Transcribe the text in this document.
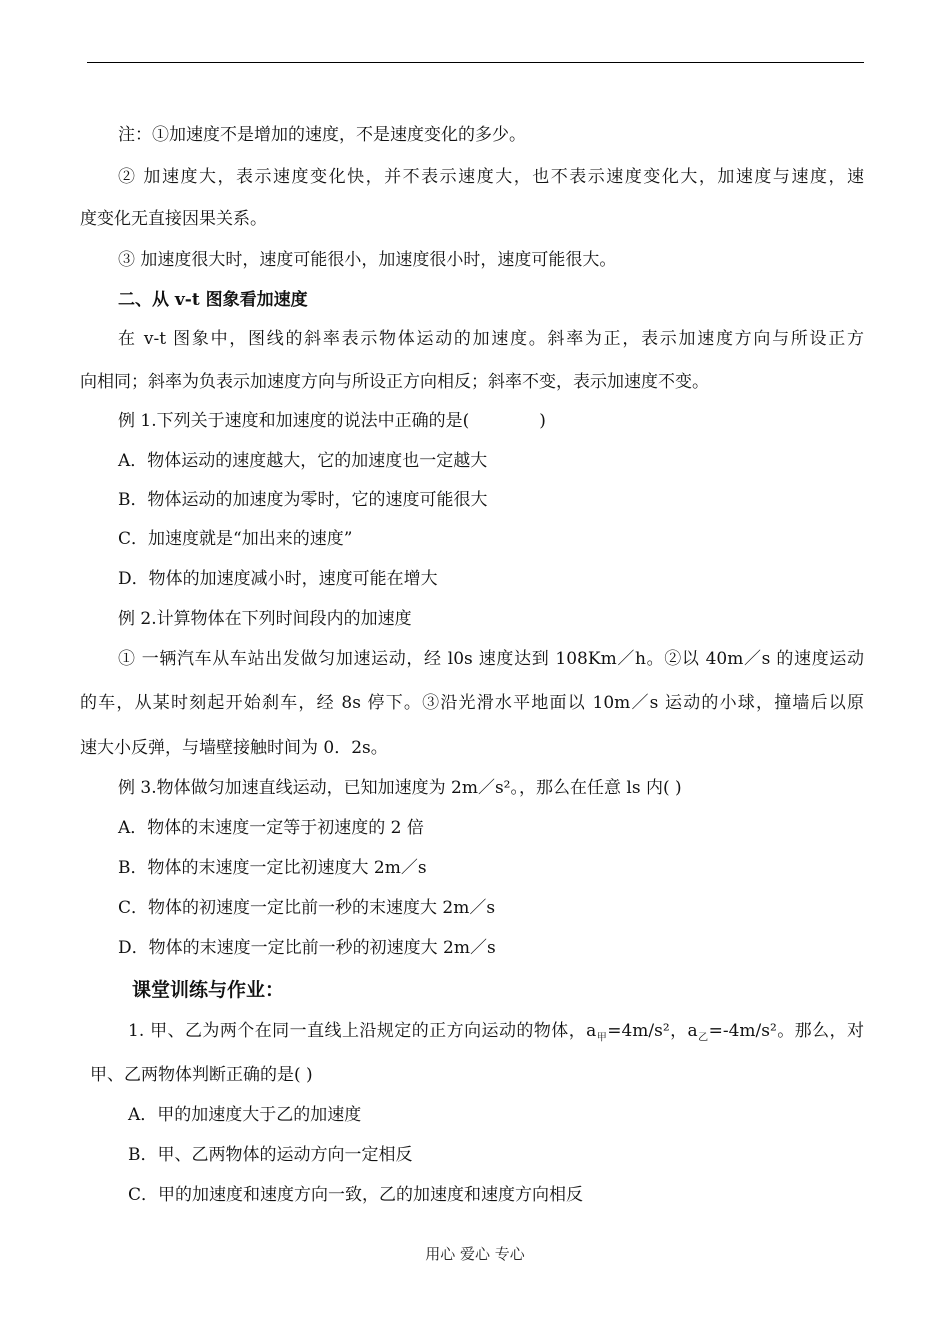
注：①加速度不是增加的速度，不是速度变化的多少。
② 加速度大，表示速度变化快，并不表示速度大，也不表示速度变化大，加速度与速度，速
度变化无直接因果关系。
③ 加速度很大时，速度可能很小，加速度很小时，速度可能很大。
二、从 v-t 图象看加速度
在 v-t 图象中，图线的斜率表示物体运动的加速度。斜率为正，表示加速度方向与所设正方
向相同；斜率为负表示加速度方向与所设正方向相反；斜率不变，表示加速度不变。
例 1.下列关于速度和加速度的说法中正确的是(	)
A．物体运动的速度越大，它的加速度也一定越大
B．物体运动的加速度为零时，它的速度可能很大
C．加速度就是“加出来的速度”
D．物体的加速度减小时，速度可能在增大
例 2.计算物体在下列时间段内的加速度
① 一辆汽车从车站出发做匀加速运动，经 l0s 速度达到 108Km／h。②以 40m／s 的速度运动
的车，从某时刻起开始刹车，经 8s 停下。③沿光滑水平地面以 10m／s 运动的小球，撞墙后以原
速大小反弹，与墙壁接触时间为 0．2s。
例 3.物体做匀加速直线运动，已知加速度为 2m／s²。，那么在任意 ls 内( )
A．物体的末速度一定等于初速度的 2 倍
B．物体的末速度一定比初速度大 2m／s
C．物体的初速度一定比前一秒的末速度大 2m／s
D．物体的末速度一定比前一秒的初速度大 2m／s
课堂训练与作业：
1. 甲、乙为两个在同一直线上沿规定的正方向运动的物体，$a_甲=4m/s^2$，$a_乙=-4m/s^2$。那么，对
甲、乙两物体判断正确的是( )
A．甲的加速度大于乙的加速度
B．甲、乙两物体的运动方向一定相反
C．甲的加速度和速度方向一致，乙的加速度和速度方向相反
用心 爱心 专心
